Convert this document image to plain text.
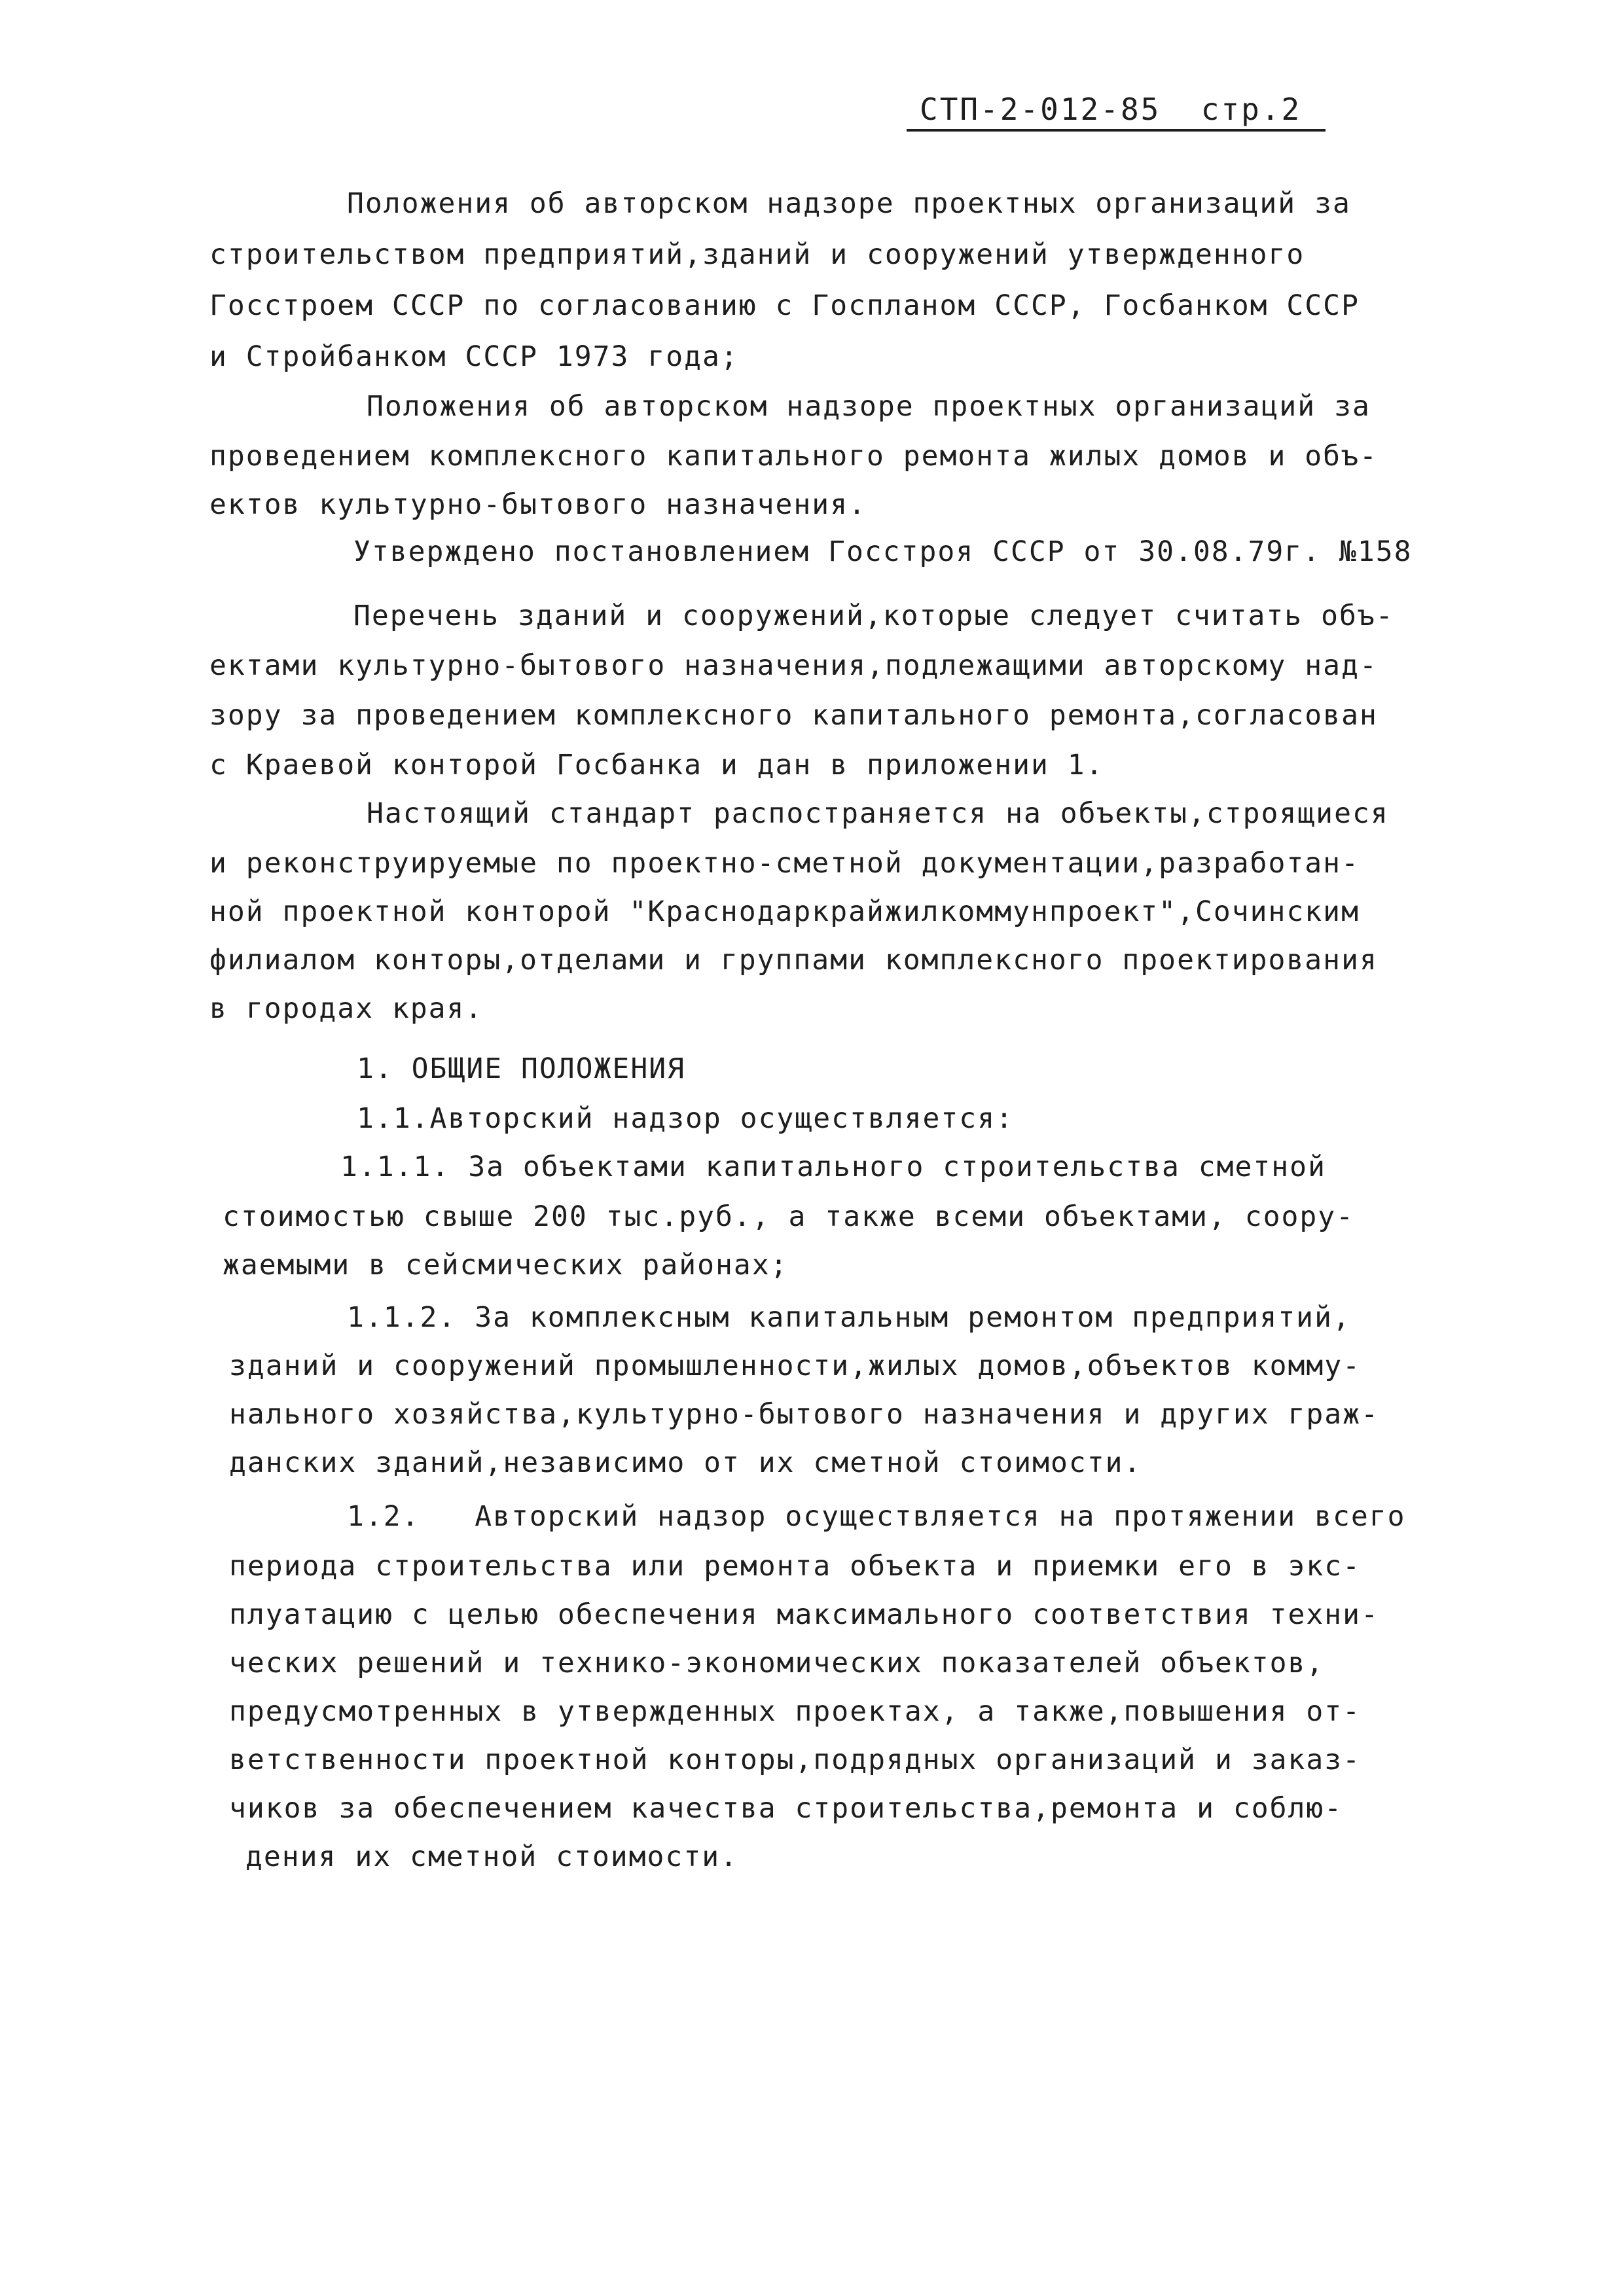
СТП-2-012-85 стр.2
Положения об авторском надзоре проектных организаций за
строительством предприятий,зданий и сооружений утвержденного
Госстроем СССР по согласованию с Госпланом СССР, Госбанком СССР
и Стройбанком СССР 1973 года;
Положения об авторском надзоре проектных организаций за
проведением комплексного капитального ремонта жилых домов и объ-
ектов культурно-бытового назначения.
Утверждено постановлением Госстроя СССР от 30.08.79г. №158
Перечень зданий и сооружений,которые следует считать объ-
ектами культурно-бытового назначения,подлежащими авторскому над-
зору за проведением комплексного капитального ремонта,согласован
с Краевой конторой Госбанка и дан в приложении 1.
Настоящий стандарт распостраняется на объекты,строящиеся
и реконструируемые по проектно-сметной документации,разработан-
ной проектной конторой "Краснодаркрайжилкоммунпроект",Сочинским
филиалом конторы,отделами и группами комплексного проектирования
в городах края.
1. ОБЩИЕ ПОЛОЖЕНИЯ
1.1.Авторский надзор осуществляется:
1.1.1. За объектами капитального строительства сметной
стоимостью свыше 200 тыс.руб., а также всеми объектами, соору-
жаемыми в сейсмических районах;
1.1.2. За комплексным капитальным ремонтом предприятий,
зданий и сооружений промышленности,жилых домов,объектов комму-
нального хозяйства,культурно-бытового назначения и других граж-
данских зданий,независимо от их сметной стоимости.
1.2.   Авторский надзор осуществляется на протяжении всего
периода строительства или ремонта объекта и приемки его в экс-
плуатацию с целью обеспечения максимального соответствия техни-
ческих решений и технико-экономических показателей объектов,
предусмотренных в утвержденных проектах, а также,повышения от-
ветственности проектной конторы,подрядных организаций и заказ-
чиков за обеспечением качества строительства,ремонта и соблю-
дения их сметной стоимости.
